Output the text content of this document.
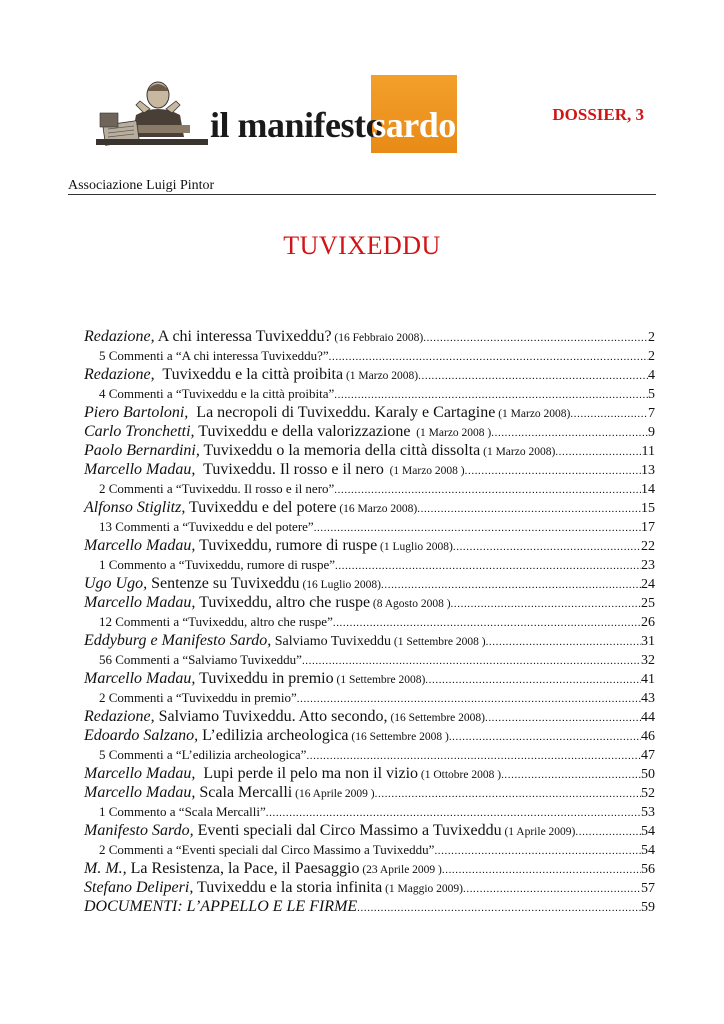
il manifesto
sardo	DOSSIER, 3
Associazione Luigi Pintor
TUVIXEDDU
Redazione, A chi interessa Tuvixeddu? (16 Febbraio 2008) .....	2
5 Commenti a “A chi interessa Tuvixeddu?” .....	2
Redazione,  Tuvixeddu e la città proibita (1 Marzo 2008) .....	4
4 Commenti a “Tuvixeddu e la città proibita” .....	5
Piero Bartoloni,  La necropoli di Tuvixeddu. Karaly e Cartagine (1 Marzo 2008) .....	7
Carlo Tronchetti, Tuvixeddu e della valorizzazione  (1 Marzo 2008 ) .....	9
Paolo Bernardini, Tuvixeddu o la memoria della città dissolta (1 Marzo 2008) .....	11
Marcello Madau,  Tuvixeddu. Il rosso e il nero  (1 Marzo 2008 ) .....	13
2 Commenti a “Tuvixeddu. Il rosso e il nero” .....	14
Alfonso Stiglitz, Tuvixeddu e del potere (16 Marzo 2008) .....	15
13 Commenti a “Tuvixeddu e del potere” .....	17
Marcello Madau, Tuvixeddu, rumore di ruspe (1 Luglio 2008) .....	22
1 Commento a “Tuvixeddu, rumore di ruspe” .....	23
Ugo Ugo, Sentenze su Tuvixeddu (16 Luglio 2008) .....	24
Marcello Madau, Tuvixeddu, altro che ruspe (8 Agosto 2008 ) .....	25
12 Commenti a “Tuvixeddu, altro che ruspe” .....	26
Eddyburg e Manifesto Sardo, Salviamo Tuvixeddu (1 Settembre 2008 ) .....	31
56 Commenti a “Salviamo Tuvixeddu” .....	32
Marcello Madau, Tuvixeddu in premio (1 Settembre 2008) .....	41
2 Commenti a “Tuvixeddu in premio” .....	43
Redazione, Salviamo Tuvixeddu. Atto secondo, (16 Settembre 2008) .....	44
Edoardo Salzano, L’edilizia archeologica (16 Settembre 2008 ) .....	46
5 Commenti a “L’edilizia archeologica” .....	47
Marcello Madau,  Lupi perde il pelo ma non il vizio (1 Ottobre 2008 ) .....	50
Marcello Madau, Scala Mercalli (16 Aprile 2009 ) .....	52
1 Commento a “Scala Mercalli” .....	53
Manifesto Sardo, Eventi speciali dal Circo Massimo a Tuvixeddu (1 Aprile 2009) .....	54
2 Commenti a “Eventi speciali dal Circo Massimo a Tuvixeddu” .....	54
M. M., La Resistenza, la Pace, il Paesaggio (23 Aprile 2009 ) .....	56
Stefano Deliperi, Tuvixeddu e la storia infinita (1 Maggio 2009) .....	57
DOCUMENTI: L’APPELLO E LE FIRME .....	59
